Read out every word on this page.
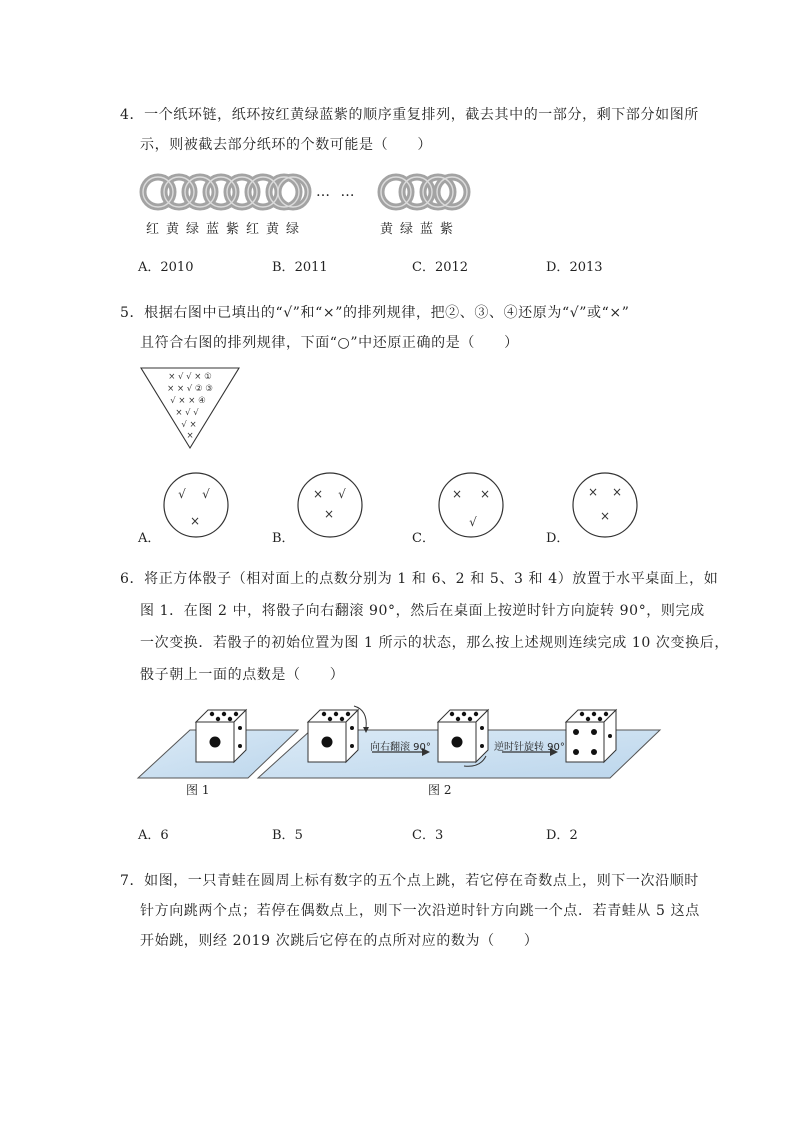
4．一个纸环链，纸环按红黄绿蓝紫的顺序重复排列，截去其中的一部分，剩下部分如图所
示，则被截去部分纸环的个数可能是（　　）
… …
红黄绿蓝紫红黄绿	黄绿蓝紫
A．2010	B．2011	C．2012	D．2013
5．根据右图中已填出的“√”和“×”的排列规律，把②、③、④还原为“√”或“×”
且符合右图的排列规律，下面“○”中还原正确的是（　　）
× √ √ × ①
× × √ ② ③
√ × × ④
× √ √
√ ×
×
√ √
×
A．
× √
×
B．
× ×
√
C．
× ×
×
D．
6．将正方体骰子（相对面上的点数分别为 1 和 6、2 和 5、3 和 4）放置于水平桌面上，如
图 1．在图 2 中，将骰子向右翻滚 90°，然后在桌面上按逆时针方向旋转 90°，则完成
一次变换．若骰子的初始位置为图 1 所示的状态，那么按上述规则连续完成 10 次变换后，
骰子朝上一面的点数是（　　）
向右翻滚 90°	逆时针旋转 90°
图 1	图 2
A．6	B．5	C．3	D．2
7．如图，一只青蛙在圆周上标有数字的五个点上跳，若它停在奇数点上，则下一次沿顺时
针方向跳两个点；若停在偶数点上，则下一次沿逆时针方向跳一个点．若青蛙从 5 这点
开始跳，则经 2019 次跳后它停在的点所对应的数为（　　）
